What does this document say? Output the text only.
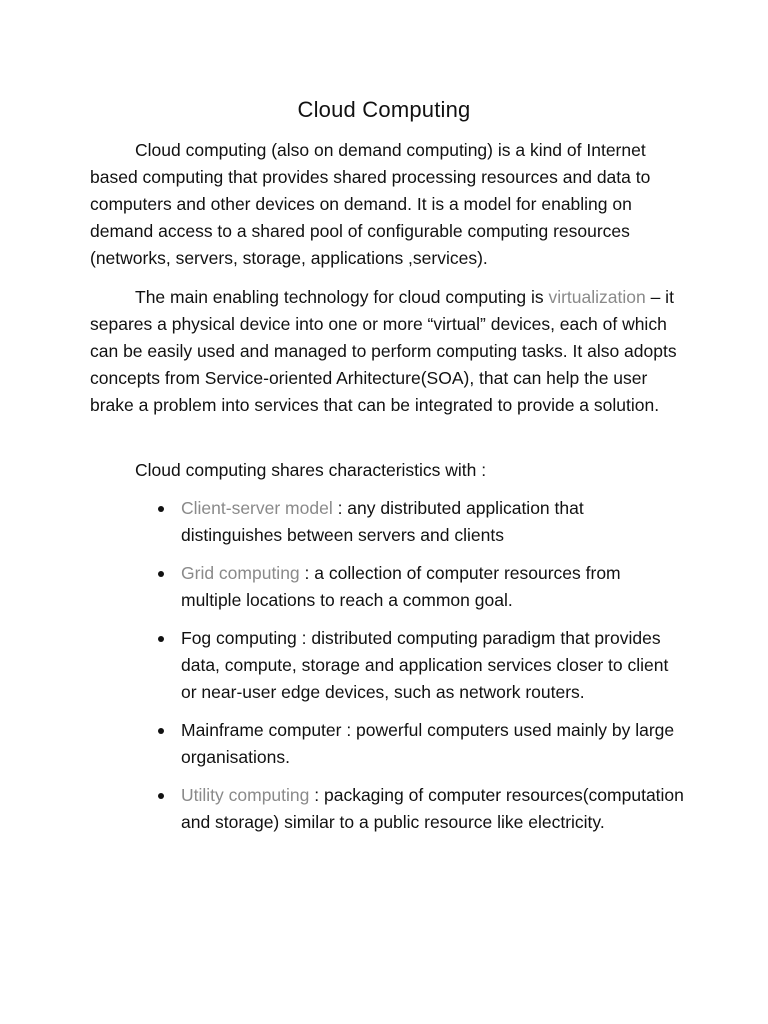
Cloud Computing

Cloud computing (also on demand computing) is a kind of Internet based computing that provides shared processing resources and data to computers and other devices on demand. It is a model for enabling on demand access to a shared pool of configurable computing resources (networks, servers, storage, applications ,services).

The main enabling technology for cloud computing is virtualization – it separes a physical device into one or more “virtual” devices, each of which can be easily used and managed to perform computing tasks. It also adopts concepts from Service-oriented Arhitecture(SOA), that can help the user brake a problem into services that can be integrated to provide a solution.

Cloud computing shares characteristics with :

Client-server model : any distributed application that distinguishes between servers and clients
Grid computing : a collection of computer resources from multiple locations to reach a common goal.
Fog computing : distributed computing paradigm that provides data, compute, storage and application services closer to client or near-user edge devices, such as network routers.
Mainframe computer : powerful computers used mainly by large organisations.
Utility computing : packaging of computer resources(computation and storage) similar to a public resource like electricity.
